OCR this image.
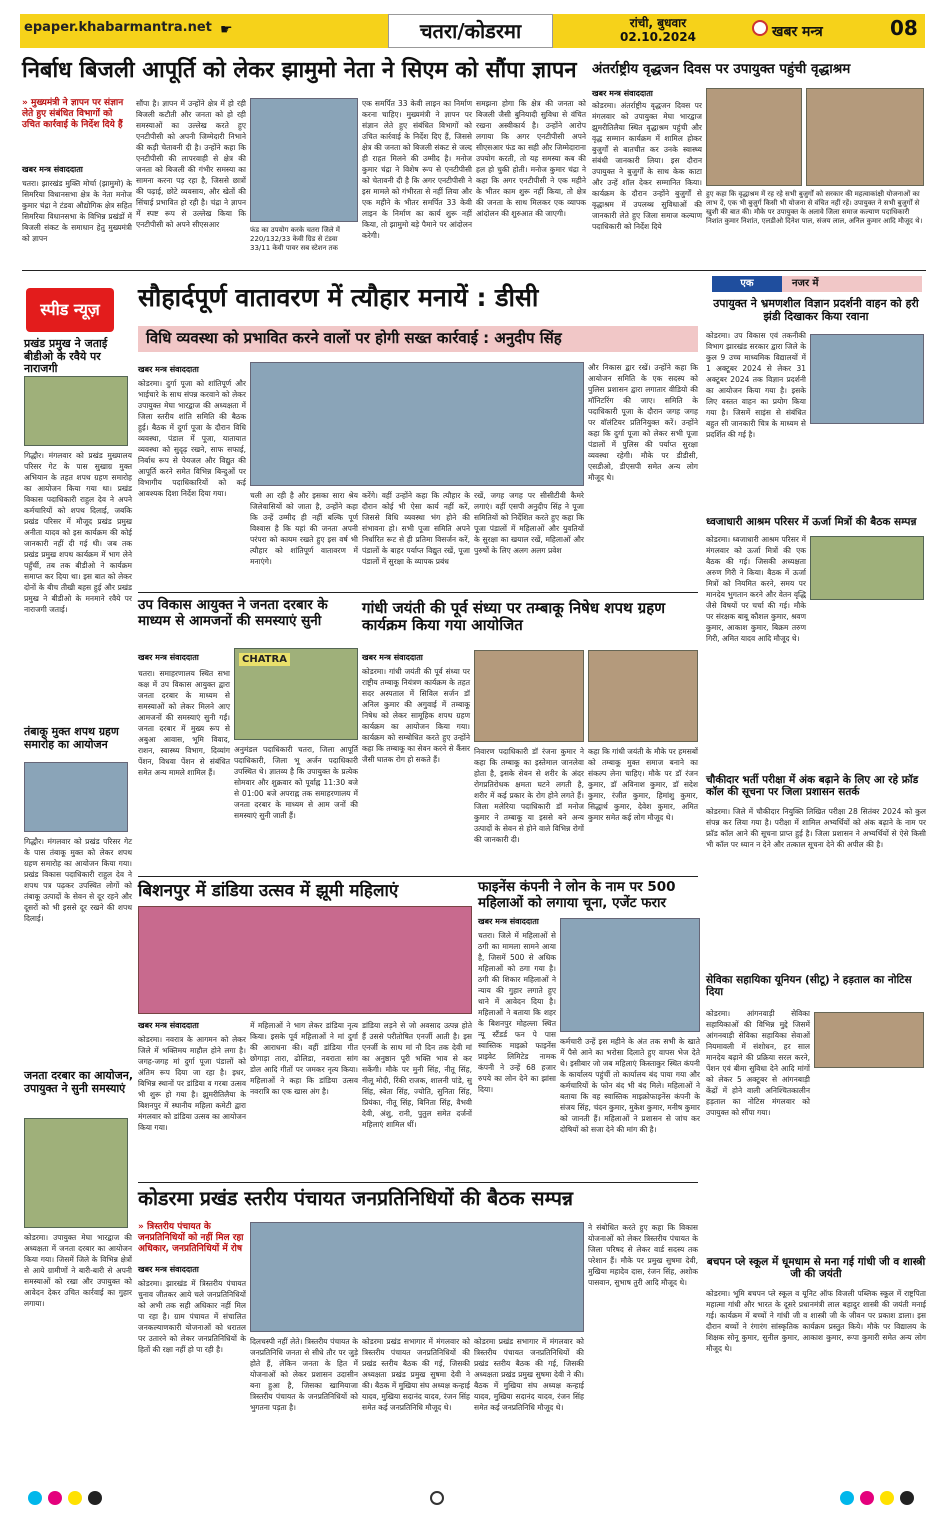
epaper.khabarmantra.net ☛	चतरा/कोडरमा	रांची, बुधवार
02.10.2024	खबर मन्त्र	08
निर्बाध बिजली आपूर्ति को लेकर झामुमो नेता ने सिएम को सौंपा ज्ञापन
» मुख्यमंत्री ने ज्ञापन पर संज्ञान लेते हुए संबंधित विभागों को उचित कार्रवाई के निर्देश दिये हैं
खबर मन्त्र संवाददाता
चतरा। झारखंड मुक्ति मोर्चा (झामुमो) के सिमरिया विधानसभा क्षेत्र के नेता मनोज कुमार चंद्रा ने टंडवा औद्योगिक क्षेत्र सहित सिमरिया विधानसभा के विभिन्न प्रखंडों में बिजली संकट के समाधान हेतु मुख्यमंत्री को ज्ञापन
सौंपा है। ज्ञापन में उन्होंने क्षेत्र में हो रही बिजली कटौती और जनता को हो रही समस्याओं का उल्लेख करते हुए एनटीपीसी को अपनी जिम्मेदारी निभाने की कड़ी चेतावनी दी है। उन्होंने कहा कि एनटीपीसी की लापरवाही से क्षेत्र की जनता को बिजली की गंभीर समस्या का सामना करना पड़ रहा है, जिससे छात्रों की पढ़ाई, छोटे व्यवसाय, और खेतों की सिंचाई प्रभावित हो रही है। चंद्रा ने ज्ञापन में स्पष्ट रूप से उल्लेख किया कि एनटीपीसी को अपने सीएसआर
फंड का उपयोग करके चतरा जिले में 220/132/33 केवी ग्रिड से टंडवा 33/11 केवी पावर सब स्टेशन तक
एक समर्पित 33 केवी लाइन का निर्माण करना चाहिए। मुख्यमंत्री ने ज्ञापन पर संज्ञान लेते हुए संबंधित विभागों को उचित कार्रवाई के निर्देश दिए हैं, जिससे क्षेत्र की जनता को बिजली संकट से जल्द ही राहत मिलने की उम्मीद है। मनोज कुमार चंद्रा ने विशेष रूप से एनटीपीसी को चेतावनी दी है कि अगर एनटीपीसी ने इस मामले को गंभीरता से नहीं लिया और एक महीने के भीतर समर्पित 33 केवी लाइन के निर्माण का कार्य शुरू नहीं किया, तो झामुमो बड़े पैमाने पर आंदोलन करेगी।
समझना होगा कि क्षेत्र की जनता को बिजली जैसी बुनियादी सुविधा से वंचित रखना अस्वीकार्य है। उन्होंने आरोप लगाया कि अगर एनटीपीसी अपने सीएसआर फंड का सही और जिम्मेदाराना उपयोग करती, तो यह समस्या कब की हल हो चुकी होती। मनोज कुमार चंद्रा ने कहा कि अगर एनटीपीसी ने एक महीने के भीतर काम शुरू नहीं किया, तो क्षेत्र की जनता के साथ मिलकर एक व्यापक आंदोलन की शुरुआत की जाएगी।
अंतर्राष्ट्रीय वृद्धजन दिवस पर उपायुक्त पहुंची वृद्धाश्रम
खबर मन्त्र संवाददाता
कोडरमा। अंतर्राष्ट्रीय वृद्धजन दिवस पर मंगलवार को उपायुक्त मेघा भारद्वाज झुमरीतिलैया स्थित वृद्धाश्रम पहुंची और वृद्ध सम्मान कार्यक्रम में शामिल होकर बुजुर्गों से बातचीत कर उनके स्वास्थ्य संबंधी जानकारी लिया। इस दौरान उपायुक्त ने बुजुर्गों के साथ केक काटा और उन्हें शॉल देकर सम्मानित किया। कार्यक्रम के दौरान उन्होंने बुजुर्गों से वृद्धाश्रम में उपलब्ध सुविधाओं की जानकारी लेते हुए जिला समाज कल्याण पदाधिकारी को निर्देश दिये
हुए कहा कि वृद्धाश्रम में रह रहे सभी बुजुर्गों को सरकार की महत्वाकांक्षी योजनाओं का लाभ दें, एक भी बुजुर्ग किसी भी योजना से वंचित नहीं रहें। उपायुक्त ने सभी बुजुर्गों से खुशी की बात की। मौके पर उपायुक्त के अलावे जिला समाज कल्याण पदाधिकारी निशांत कुमार निशांत, एलडीओ दिनेश पाल, संजय लाल, अनिल कुमार आदि मौजूद थे।
स्पीड न्यूज़
प्रखंड प्रमुख ने जताई बीडीओ के रवैये पर नाराजगी
गिद्धौर। मंगलवार को प्रखंड मुख्यालय परिसर गेट के पास सुखाग्र मुक्त अभियान के तहत शपथ ग्रहण समारोह का आयोजन किया गया था। प्रखंड विकास पदाधिकारी राहुल देव ने अपने कर्मचारियों को शपथ दिलाई, जबकि प्रखंड परिसर में मौजूद प्रखंड प्रमुख अनीता यादव को इस कार्यक्रम की कोई जानकारी नहीं दी गई थी। जब तक प्रखंड प्रमुख शपथ कार्यक्रम में भाग लेने पहुँचीं, तब तक बीडीओ ने कार्यक्रम समाप्त कर दिया था। इस बात को लेकर दोनों के बीच तीखी बहस हुई और प्रखंड प्रमुख ने बीडीओ के मनमाने रवैये पर नाराजगी जताई।
तंबाकू मुक्त शपथ ग्रहण समारोह का आयोजन
गिद्धौर। मंगलवार को प्रखंड परिसर गेट के पास तंबाकू मुक्त को लेकर शपथ ग्रहण समारोह का आयोजन किया गया। प्रखंड विकास पदाधिकारी राहुल देव ने शपथ पत्र पढ़कर उपस्थित लोगों को तंबाकू उत्पादों के सेवन से दूर रहने और दूसरों को भी इससे दूर रखने की शपथ दिलाई।
जनता दरबार का आयोजन, उपायुक्त ने सुनी समस्याएं
कोडरमा। उपायुक्त मेघा भारद्वाज की अध्यक्षता में जनता दरबार का आयोजन किया गया। जिसमें जिले के विभिन्न क्षेत्रों से आये ग्रामीणों ने बारी-बारी से अपनी समस्याओं को रखा और उपायुक्त को आवेदन देकर उचित कार्रवाई का गुहार लगाया।
सौहार्दपूर्ण वातावरण में त्यौहार मनायें : डीसी
विधि व्यवस्था को प्रभावित करने वालों पर होगी सख्त कार्रवाई : अनुदीप सिंह
खबर मन्त्र संवाददाता
कोडरमा। दुर्गा पूजा को शांतिपूर्ण और भाईचारे के साथ संपन्न करवाने को लेकर उपायुक्त मेघा भारद्वाज की अध्यक्षता में जिला स्तरीय शांति समिति की बैठक हुई। बैठक में दुर्गा पूजा के दौरान विधि व्यवस्था, पंडाल में पूजा, यातायात व्यवस्था को सुदृढ़ रखने, साफ सफाई, निर्बाध रूप से पेयजल और विद्युत की आपूर्ति करने समेत विभिन्न बिन्दुओं पर विभागीय पदाधिकारियों को कई आवश्यक दिशा निर्देश दिया गया।	चली आ रही है और इसका सारा श्रेय जिलेवासियों को जाता है, उन्होंने कहा कि उन्हें उम्मीद ही नहीं बल्कि पूर्ण विश्वास है कि यहां की जनता अपनी परंपरा को कायम रखते हुए इस वर्ष भी त्यौहार को शांतिपूर्ण वातावरण में मनाएंगे।
करेंगे। वहीं उन्होंने कहा कि त्यौहार के दौरान कोई भी ऐसा कार्य नहीं करें, जिससे विधि व्यवस्था भंग होने की संभावना हो। सभी पूजा समिति अपने निर्धारित रूट से ही प्रतिमा विसर्जन करें, पंडालों के बाहर पर्याप्त विद्युत रखें, पूजा पंडालों में सुरक्षा के व्यापक प्रबंध
रखें, जगह जगह पर सीसीटीवी कैमरे लगाएं। वहीं एसपी अनुदीप सिंह ने पूजा समितियों को निर्देशित करते हुए कहा कि पूजा पंडालों में महिलाओं और युवतियों के सुरक्षा का खयाल रखें, महिलाओं और पुरुषों के लिए अलग अलग प्रवेश
और निकास द्वार रखें। उन्होंने कहा कि आयोजन समिति के एक सदस्य को पुलिस प्रशासन द्वारा लगातार वीडियो की मॉनिटरिंग की जाए। समिति के पदाधिकारी पूजा के दौरान जगह जगह पर वॉलंटियर प्रतिनियुक्त करें। उन्होंने कहा कि दुर्गा पूजा को लेकर सभी पूजा पंडालों में पुलिस की पर्याप्त सुरक्षा व्यवस्था रहेगी। मौके पर डीडीसी, एसडीओ, डीएसपी समेत अन्य लोग मौजूद थे।
उप विकास आयुक्त ने जनता दरबार के माध्यम से आमजनों की समस्याएं सुनी
खबर मन्त्र संवाददाता
चतरा। समाहरणालय स्थित सभा कक्ष में उप विकास आयुक्त द्वारा जनता दरबार के माध्यम से समस्याओं को लेकर मिलने आए आमजनों की समस्याएं सुनी गईं। जनता दरबार में मुख्य रूप से अबुआ आवास, भूमि विवाद, राशन, स्वास्थ्य विभाग, दिव्यांग पेंशन, विधवा पेंशन से संबंधित समेत अन्य मामले शामिल हैं।
CHATRA
अनुमंडल पदाधिकारी चतरा, जिला आपूर्ति पदाधिकारी, जिला भू अर्जन पदाधिकारी उपस्थित थे। ज्ञातव्य है कि उपायुक्त के प्रत्येक सोमवार और शुक्रवार को पूर्वाह्न 11:30 बजे से 01:00 बजे अपराह्न तक समाहरणालय में जनता दरबार के माध्यम से आम जनों की समस्याएं सुनी जाती हैं।
गांधी जयंती की पूर्व संध्या पर तम्बाकू निषेध शपथ ग्रहण कार्यक्रम किया गया आयोजित
खबर मन्त्र संवाददाता
कोडरमा। गांधी जयंती की पूर्व संध्या पर राष्ट्रीय तम्बाकू नियंत्रण कार्यक्रम के तहत सदर अस्पताल में सिविल सर्जन डॉ अनिल कुमार की अगुवाई में तम्बाकू निषेध को लेकर सामूहिक शपथ ग्रहण कार्यक्रम का आयोजन किया गया। कार्यक्रम को सम्बोधित करते हुए उन्होंने कहा कि तम्बाकू का सेवन करने से कैंसर जैसी घातक रोग हो सकते हैं।
निवारण पदाधिकारी डॉ रंजना कुमार ने कहा कि तम्बाकू का इस्तेमाल जानलेवा होता है, इसके सेवन से शरीर के अंदर रोगप्रतिरोधक क्षमता घटने लगती है, शरीर में कई प्रकार के रोग होने लगते हैं। जिला मलेरिया पदाधिकारी डॉ मनोज कुमार ने तम्बाकू या इससे बने अन्य उत्पादों के सेवन से होने वाले विभिन्न रोगों की जानकारी दी।
कहा कि गांधी जयंती के मौके पर हमसबों को तम्बाकू मुक्त समाज बनाने का संकल्प लेना चाहिए। मौके पर डॉ रंजन कुमार, डॉ अविनाश कुमार, डॉ सदेश कुमार, रंजीत कुमार, हिमांशु कुमार, सिद्धार्थ कुमार, देवेश कुमार, अमित कुमार समेत कई लोग मौजूद थे।
बिशनपुर में डांडिया उत्सव में झूमी महिलाएं
खबर मन्त्र संवाददाता
कोडरमा। नवरात्र के आगमन को लेकर जिले में भक्तिमय माहौल होने लगा है। जगह-जगह मां दुर्गा पूजा पंडालों को अंतिम रूप दिया जा रहा है। इधर, बिभिन्न स्थानों पर डांडिया व गरबा उत्सव भी शुरू हो गया है। झुमरीतिलैया के बिशनपुर में स्थानीय महिला कमेटी द्वारा मंगलवार को डांडिया उत्सव का आयोजन किया गया।
में महिलाओं ने भाग लेकर डांडिया नृत्य किया। इसके पूर्व महिलाओं ने मां दुर्गा की आराधना की। वहीं डांडिया गीत छोगाड़ा तारा, ढोलिडा, नवराता सांग डोल आदि गीतों पर जमकर नृत्य किया। महिलाओं ने कहा कि डांडिया उत्सव नवरात्रि का एक खास अंग है।
डांडिया लड़ने से जो अवसाद उत्पन्न होते हैं उससे परीतोषित एनर्जी आती है। इस एनर्जी के साथ मां नौ दिन तक देवी मां का अनुष्ठान पूरी भक्ति भाव से कर सकेंगी। मौके पर मुनी सिंह, नीतू सिंह, नीलू मोदी, रिंकी राजक, शालनी पांडे, सु सिंह, स्वेता सिंह, ज्योति, सुनिता सिंह, प्रियंका, नीतू सिंह, बिनिता सिंह, वैभवी देवी, अंशु, रानी, पुतुल समेत दर्जनों महिलाएं शामिल थीं।
फाइनेंस कंपनी ने लोन के नाम पर 500 महिलाओं को लगाया चूना, एजेंट फरार
खबर मन्त्र संवाददाता
चतरा। जिले में महिलाओं से ठगी का मामला सामने आया है, जिसमें 500 से अधिक महिलाओं को ठगा गया है। ठगी की शिकार महिलाओं ने न्याय की गुहार लगाते हुए थाने में आवेदन दिया है। महिलाओं ने बताया कि शहर के बिशनपुर मोहल्ला स्थित न्यू स्टैंडर्ड फन पे पास स्वास्तिक माइक्रो फाइनेंस प्राइवेट लिमिटेड नामक कंपनी ने उन्हें 68 हजार रुपये का लोन देने का झांसा दिया।
कर्मचारी उन्हें इस महीने के अंत तक सभी के खाते में पैसे आने का भरोसा दिलाते हुए वापस भेज देते थे। इसीबार जो जब महिलाएं किस्ताकुर स्थित कंपनी के कार्यालय पहुंचीं तो कार्यालय बंद पाया गया और कर्मचारियों के फोन बंद भी बंद मिले। महिलाओं ने बताया कि वह स्वास्तिक माइक्रोफाइनेंस कंपनी के संजय सिंह, चंदन कुमार, मुकेश कुमार, मनीष कुमार को जानती हैं। महिलाओं ने प्रशासन से जांच कर दोषियों को सजा देने की मांग की है।
कोडरमा प्रखंड स्तरीय पंचायत जनप्रतिनिधियों की बैठक सम्पन्न
» त्रिस्तरीय पंचायत के जनप्रतिनिधियों को नहीं मिल रहा अधिकार, जनप्रतिनिधियों में रोष
खबर मन्त्र संवाददाता
कोडरमा। झारखंड में त्रिस्तरीय पंचायत चुनाव जीतकर आये चले जनप्रतिनिधियों को अभी तक सही अधिकार नहीं मिल पा रहा है। ग्राम पंचायत में संचालित जनकल्याणकारी योजनाओं को धरातल पर उतारने को लेकर जनप्रतिनिधियों के हितों की रक्षा नहीं हो पा रही है।
दिलचस्पी नहीं लेते। त्रिस्तरीय पंचायत के जनप्रतिनिधि जनता से सीधे तौर पर जुड़े होते हैं, लेकिन जनता के हित में योजनाओं को लेकर प्रशासन उदासीन बना हुआ है, जिसका खामियाजा त्रिस्तरीय पंचायत के जनप्रतिनिधियों को भुगतना पड़ता है।
कोडरमा प्रखंड सभागार में मंगलवार को त्रिस्तरीय पंचायत जनप्रतिनिधियों की प्रखंड स्तरीय बैठक की गई, जिसकी अध्यक्षता प्रखंड प्रमुख सुषमा देवी ने की। बैठक में मुखिया संघ अध्यक्ष कन्हाई यादव, मुखिया सदानंद यादव, रंजन सिंह समेत कई जनप्रतिनिधि मौजूद थे।
कोडरमा प्रखंड सभागार में मंगलवार को त्रिस्तरीय पंचायत जनप्रतिनिधियों की प्रखंड स्तरीय बैठक की गई, जिसकी अध्यक्षता प्रखंड प्रमुख सुषमा देवी ने की। बैठक में मुखिया संघ अध्यक्ष कन्हाई यादव, मुखिया सदानंद यादव, रंजन सिंह समेत कई जनप्रतिनिधि मौजूद थे।
ने संबोधित करते हुए कहा कि विकास योजनाओं को लेकर त्रिस्तरीय पंचायत के जिला परिषद से लेकर वार्ड सदस्य तक परेशान हैं। मौके पर प्रमुख सुषमा देवी, मुखिया महादेव दास, रंजन सिंह, अशोक पासवान, सुभाष तुरी आदि मौजूद थे।
एक	नजर में
उपायुक्त ने भ्रमणशील विज्ञान प्रदर्शनी वाहन को हरी झंडी दिखाकर किया रवाना
कोडरमा। उप विकास एवं तकनीकी विभाग झारखंड सरकार द्वारा जिले के कुल 9 उच्च माध्यमिक विद्यालयों में 1 अक्टूबर 2024 से लेकर 31 अक्टूबर 2024 तक विज्ञान प्रदर्शनी का आयोजन किया गया है। इसके लिए वस्तत वाहन का प्रयोग किया गया है। जिसमें साइंस से संबंधित बहुत सी जानकारी चित्र के माध्यम से प्रदर्शित की गई है।
ध्वजाधारी आश्रम परिसर में ऊर्जा मित्रों की बैठक सम्पन्न
कोडरमा। ध्वजाधारी आश्रम परिसर में मंगलवार को ऊर्जा मित्रों की एक बैठक की गई। जिसकी अध्यक्षता अरुण गिरी ने किया। बैठक में ऊर्जा मित्रों को नियमित करने, समय पर मानदेय भुगतान करने और वेतन वृद्धि जैसे विषयों पर चर्चा की गई। मौके पर संरक्षक बाबू कौशल कुमार, श्रवण कुमार, आकाश कुमार, बिक्रम तरुण गिरी, अमित यादव आदि मौजूद थे।
चौकीदार भर्ती परीक्षा में अंक बढ़ाने के लिए आ रहे फ्रॉड कॉल की सूचना पर जिला प्रशासन सतर्क
कोडरमा। जिले में चौकीदार नियुक्ति लिखित परीक्षा 28 सितंबर 2024 को कुल संपन्न कर लिया गया है। परीक्षा में शामिल अभ्यर्थियों को अंक बढ़ाने के नाम पर फ्रॉड कॉल आने की सूचना प्राप्त हुई है। जिला प्रशासन ने अभ्यर्थियों से ऐसे किसी भी कॉल पर ध्यान न देने और तत्काल सूचना देने की अपील की है।
सेविका सहायिका यूनियन (सीटू) ने हड़ताल का नोटिस दिया
कोडरमा। आंगनवाड़ी सेविका सहायिकाओं की विभिन्न मुद्दे जिसमें आंगनबाड़ी सेविका सहायिका सेवाओं नियमावली में संशोधन, हर साल मानदेय बढ़ाने की प्रक्रिया सरल करने, पेंशन एवं बीमा सुविधा देने आदि मांगों को लेकर 5 अक्टूबर से आंगनबाड़ी केंद्रों में होने वाली अनिश्चितकालीन हड़ताल का नोटिस मंगलवार को उपायुक्त को सौंपा गया।
बचपन प्ले स्कूल में धूमधाम से मना गई गांधी जी व शास्त्री जी की जयंती
कोडरमा। भूमि बचपन प्ले स्कूल व यूनिट ऑफ विजली पब्लिक स्कूल में राष्ट्रपिता महात्मा गांधी और भारत के दूसरे प्रधानमंत्री लाल बहादुर शास्त्री की जयंती मनाई गई। कार्यक्रम में बच्चों ने गांधी जी व शास्त्री जी के जीवन पर प्रकाश डाला। इस दौरान बच्चों ने रंगारंग सांस्कृतिक कार्यक्रम प्रस्तुत किये। मौके पर विद्यालय के शिक्षक सोनू कुमार, सुनील कुमार, आकाश कुमार, रूपा कुमारी समेत अन्य लोग मौजूद थे।
